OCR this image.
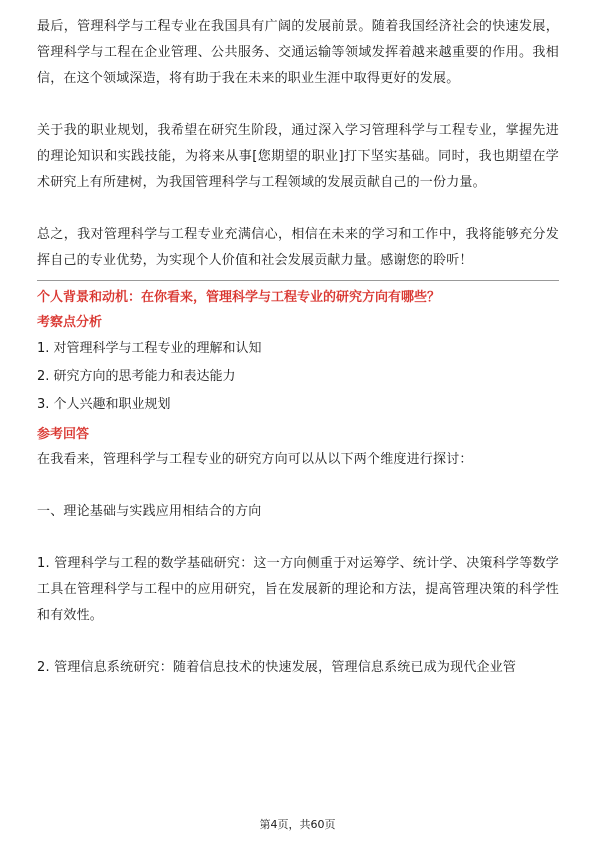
最后，管理科学与工程专业在我国具有广阔的发展前景。随着我国经济社会的快速发展，管理科学与工程在企业管理、公共服务、交通运输等领域发挥着越来越重要的作用。我相信，在这个领域深造，将有助于我在未来的职业生涯中取得更好的发展。

关于我的职业规划，我希望在研究生阶段，通过深入学习管理科学与工程专业，掌握先进的理论知识和实践技能，为将来从事[您期望的职业]打下坚实基础。同时，我也期望在学术研究上有所建树，为我国管理科学与工程领域的发展贡献自己的一份力量。

总之，我对管理科学与工程专业充满信心，相信在未来的学习和工作中，我将能够充分发挥自己的专业优势，为实现个人价值和社会发展贡献力量。感谢您的聆听！

个人背景和动机：在你看来，管理科学与工程专业的研究方向有哪些？

考察点分析

1. 对管理科学与工程专业的理解和认知

2. 研究方向的思考能力和表达能力

3. 个人兴趣和职业规划

参考回答

在我看来，管理科学与工程专业的研究方向可以从以下两个维度进行探讨：

一、理论基础与实践应用相结合的方向

1. 管理科学与工程的数学基础研究：这一方向侧重于对运筹学、统计学、决策科学等数学工具在管理科学与工程中的应用研究，旨在发展新的理论和方法，提高管理决策的科学性和有效性。

2. 管理信息系统研究：随着信息技术的快速发展，管理信息系统已成为现代企业管

第4页，共60页
